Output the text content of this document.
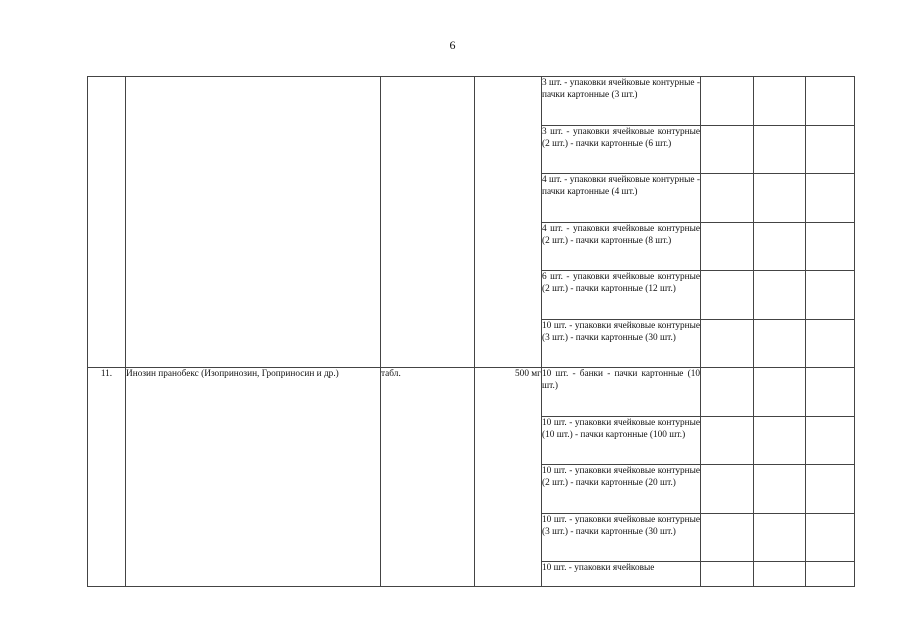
6
				3 шт. - упаковки ячейковые контурные - пачки картонные (3 шт.)			
				3 шт. - упаковки ячейковые контурные (2 шт.) - пачки картонные (6 шт.)			
				4 шт. - упаковки ячейковые контурные - пачки картонные (4 шт.)			
				4 шт. - упаковки ячейковые контурные (2 шт.) - пачки картонные (8 шт.)			
				6 шт. - упаковки ячейковые контурные (2 шт.) - пачки картонные (12 шт.)			
				10 шт. - упаковки ячейковые контурные (3 шт.) - пачки картонные (30 шт.)			
11.	Инозин пранобекс (Изопринозин, Гроприносин и др.)	табл.	500 мг	10 шт. - банки - пачки картонные (10 шт.)			
				10 шт. - упаковки ячейковые контурные (10 шт.) - пачки картонные (100 шт.)			
				10 шт. - упаковки ячейковые контурные (2 шт.) - пачки картонные (20 шт.)			
				10 шт. - упаковки ячейковые контурные (3 шт.) - пачки картонные (30 шт.)			
				10 шт. - упаковки ячейковые			
